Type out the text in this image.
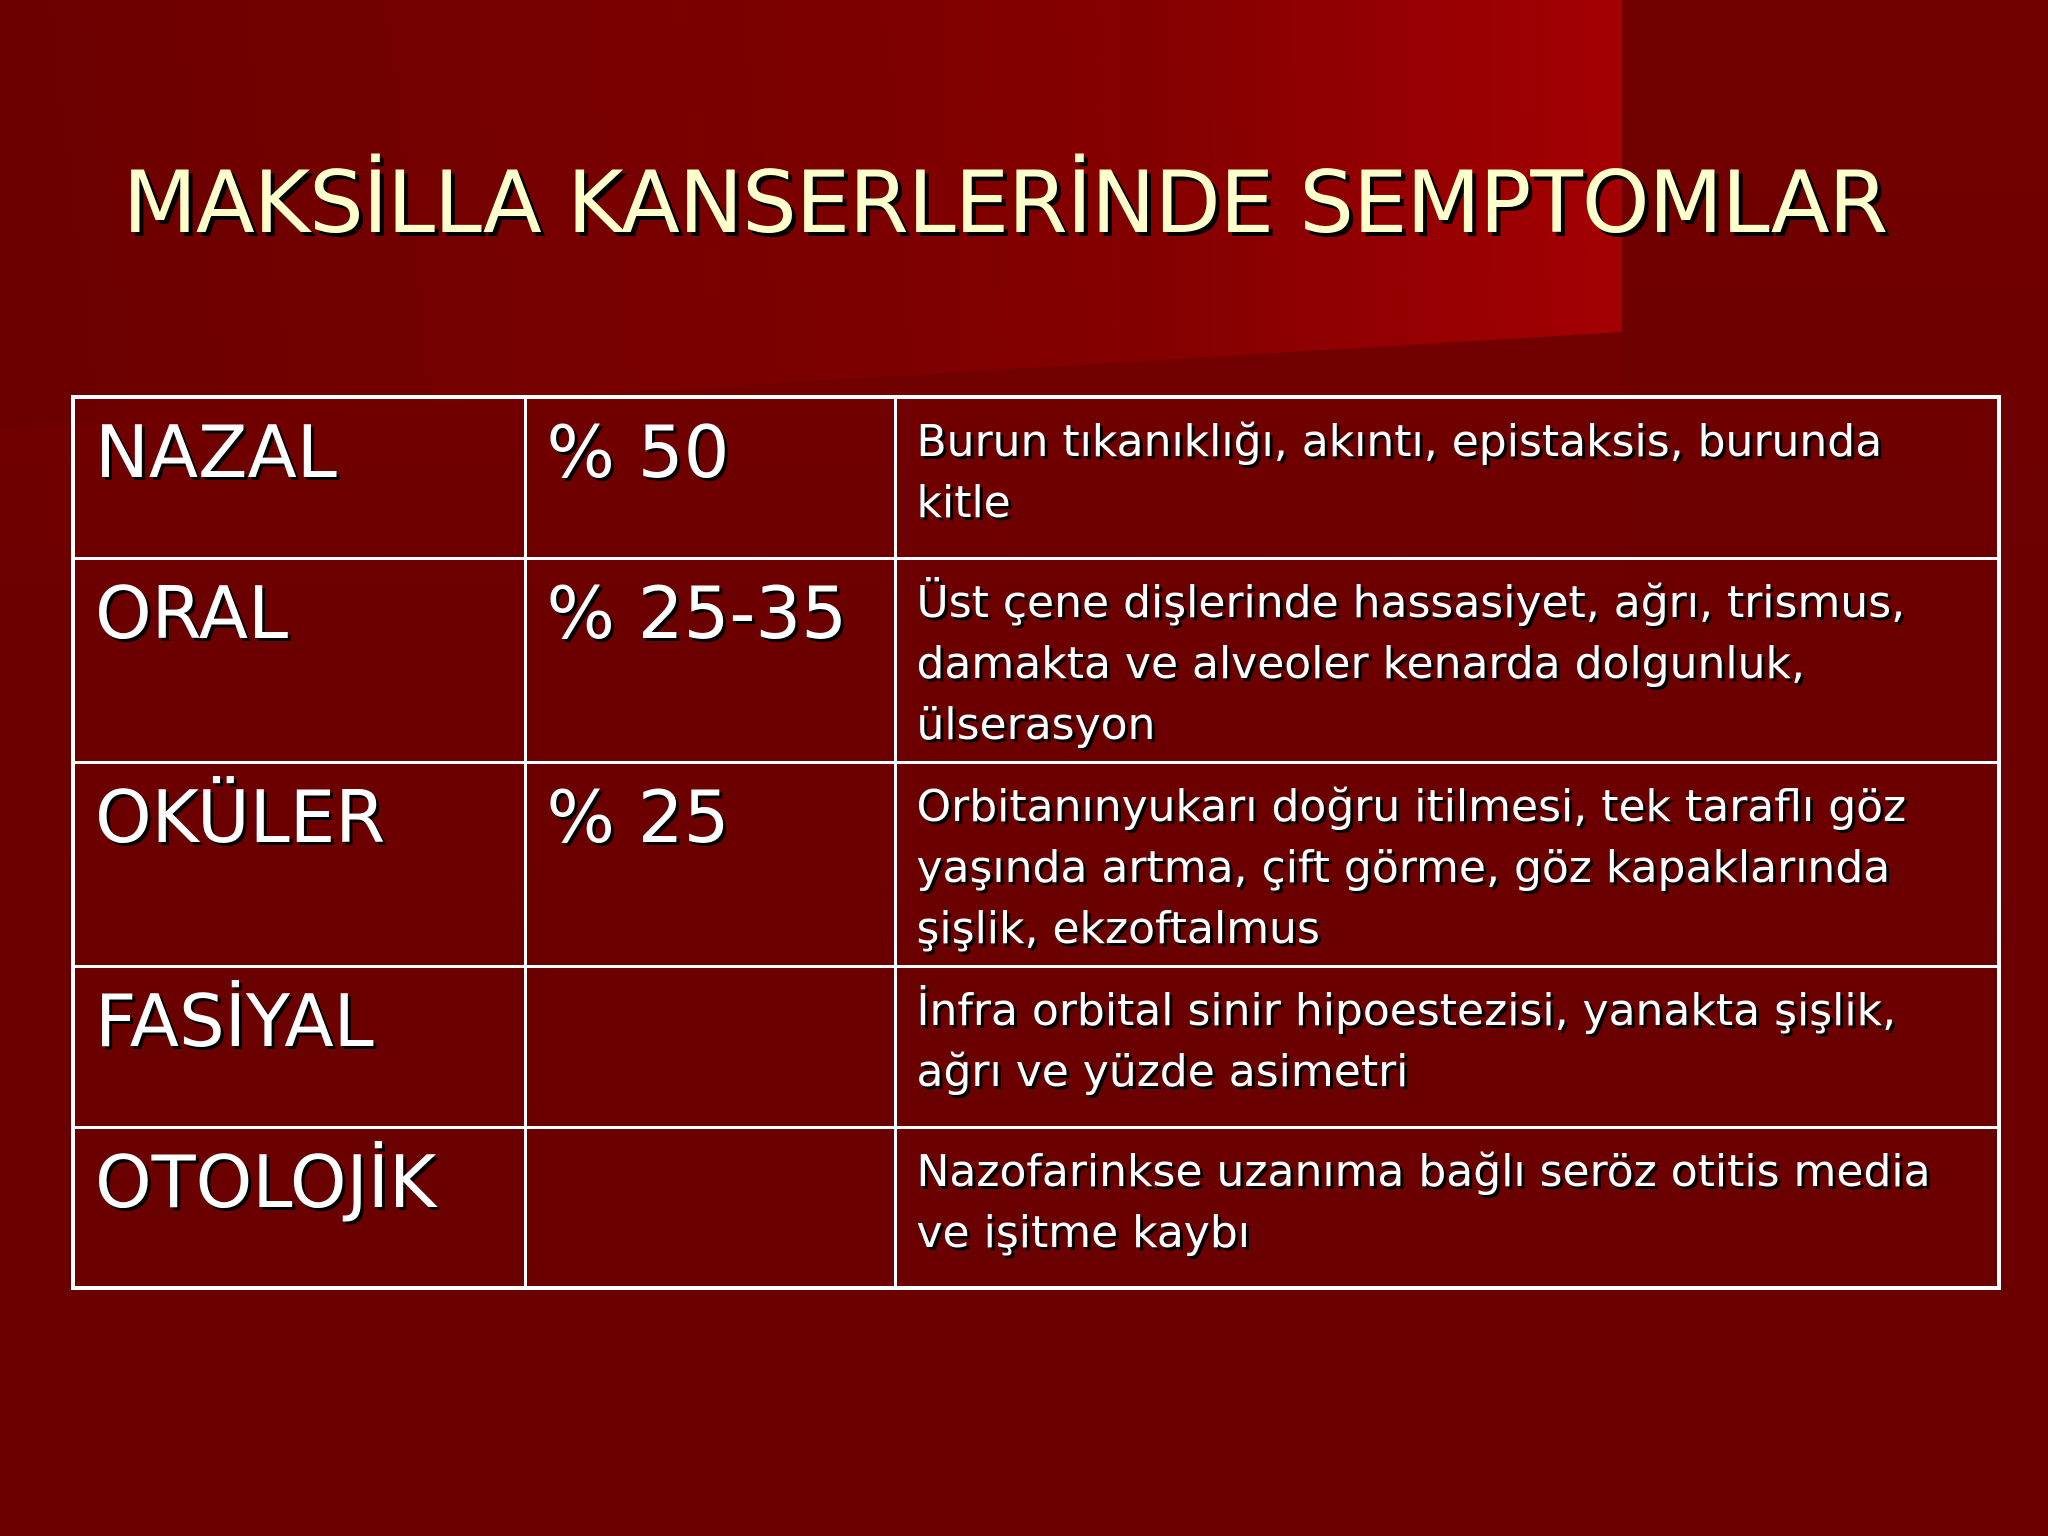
MAKSİLLA KANSERLERİNDE SEMPTOMLAR
NAZAL	% 50	Burun tıkanıklığı, akıntı, epistaksis, burunda kitle
ORAL	% 25-35	Üst çene dişlerinde hassasiyet, ağrı, trismus, damakta ve alveoler kenarda dolgunluk, ülserasyon
OKÜLER	% 25	Orbitanınyukarı doğru itilmesi, tek taraflı göz yaşında artma, çift görme, göz kapaklarında şişlik, ekzoftalmus
FASİYAL		İnfra orbital sinir hipoestezisi, yanakta şişlik, ağrı ve yüzde asimetri
OTOLOJİK		Nazofarinkse uzanıma bağlı seröz otitis media ve işitme kaybı
